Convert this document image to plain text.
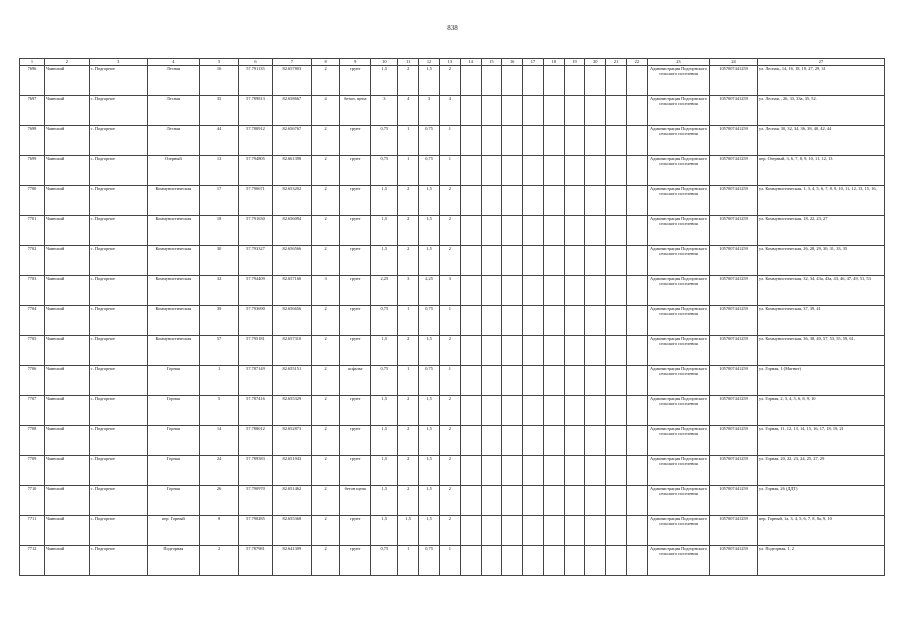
838
1	2	3	4	5	6	7	8	9	10	11	12	13	14	15	16	17	18	19	20	21	22	23	24	27
7696	Чаинский	с. Подгорное	Лесная	16	57.791135	82.657803	2	грунт	1,5	2	1,5	2										Администрация Подгорнского сельского поселения	1057007441259	ул. Лесная,, 14, 16, 18, 19, 27, 29, 31
7697	Чаинский	с. Подгорное	Лесная	35	57.789813	82.658667	4	бетон, щепа	3	4	3	4										Администрация Подгорнского сельского поселения	1057007441259	ул. Лесная, , 26, 33, 33а, 35, 52.
7698	Чаинский	с. Подгорное	Лесная	44	57.788912	82.656767	2	грунт	0,75	1	0,75	1										Администрация Подгорнского сельского поселения	1057007441259	ул. Лесная, 30, 32, 34, 36, 38, 40, 42, 44
7699	Чаинский	с. Подгорное	Озерный	13	57.794805	82.661398	2	грунт	0,75	1	0,75	1										Администрация Подгорнского сельского поселения	1057007441259	пер. Озерный, 3, 6, 7, 8, 9, 10, 11, 12, 13
7700	Чаинский	с. Подгорное	Коммунистическая	17	57.790671	82.653202	2	грунт	1,5	2	1,5	2										Администрация Подгорнского сельского поселения	1057007441259	ул. Коммунистическая, 1, 3, 4, 5, 6, 7, 8, 9, 10, 11, 12, 13, 15, 16,
7701	Чаинский	с. Подгорное	Коммунистическая	18	57.791630	82.656094	2	грунт	1,5	2	1,5	2										Администрация Подгорнского сельского поселения	1057007441259	ул. Коммунистическая, 18, 22, 23, 27
7702	Чаинский	с. Подгорное	Коммунистическая	30	57.793327	82.656566	2	грунт	1,5	2	1,5	2										Администрация Подгорнского сельского поселения	1057007441259	ул. Коммунистическая, 26, 28, 29, 30, 31, 33, 35
7703	Чаинский	с. Подгорное	Коммунистическая	32	57.794409	82.657160	3	грунт	2,25	3	2,25	3										Администрация Подгорнского сельского поселения	1057007441259	ул. Коммунистическая, 32, 34, 43а, 43а, 43, 46, 47, 49, 51, 53
7704	Чаинский	с. Подгорное	Коммунистическая	39	57.793690	82.656656	2	грунт	0,75	1	0,75	1										Администрация Подгорнского сельского поселения	1057007441259	ул. Коммунистическая, 37, 39, 41
7705	Чаинский	с. Подгорное	Коммунистическая	57	57.795181	82.657310	2	грунт	1,5	2	1,5	2										Администрация Подгорнского сельского поселения	1057007441259	ул. Коммунистическая, 36, 38, 40, 57, 53, 55, 59, 61,
7706	Чаинский	с. Подгорное	Горная	1	57.787149	82.655151	2	асфальт	0,75	1	0,75	1										Администрация Подгорнского сельского поселения	1057007441259	ул. Горная, 1 (Магнит)
7707	Чаинский	с. Подгорное	Горная	5	57.787416	82.655329	2	грунт	1,5	2	1,5	2										Администрация Подгорнского сельского поселения	1057007441259	ул. Горная, 2, 3, 4, 5, 6, 8, 9, 10
7708	Чаинский	с. Подгорное	Горная	14	57.788012	82.652873	2	грунт	1,5	2	1,5	2										Администрация Подгорнского сельского поселения	1057007441259	ул. Горная, 11, 12, 13, 14, 15, 16, 17, 18, 19, 21
7709	Чаинский	с. Подгорное	Горная	24	57.789583	82.651943	2	грунт	1,5	2	1,5	2										Администрация Подгорнского сельского поселения	1057007441259	ул. Горная, 20, 22, 23, 24, 25, 27, 29
7710	Чаинский	с. Подгорное	Горная	26	57.790970	82.651462	2	бетон щепа	1,5	2	1,5	2										Администрация Подгорнского сельского поселения	1057007441259	ул. Горная, 26 (ДДТ)
7711	Чаинский	с. Подгорное	пер. Горный	8	57.790285	82.655368	2	грунт	1,5	1,5	1,5	2										Администрация Подгорнского сельского поселения	1057007441259	пер. Горный, 1а, 3, 4, 5, 6, 7, 8, 8а, 9, 10
7712	Чаинский	с. Подгорное	Подгорная	2	57.787981	82.641309	2	грунт	0,75	1	0,75	1										Администрация Подгорнского сельского поселения	1057007441259	ул. Подгорная, 1, 2
